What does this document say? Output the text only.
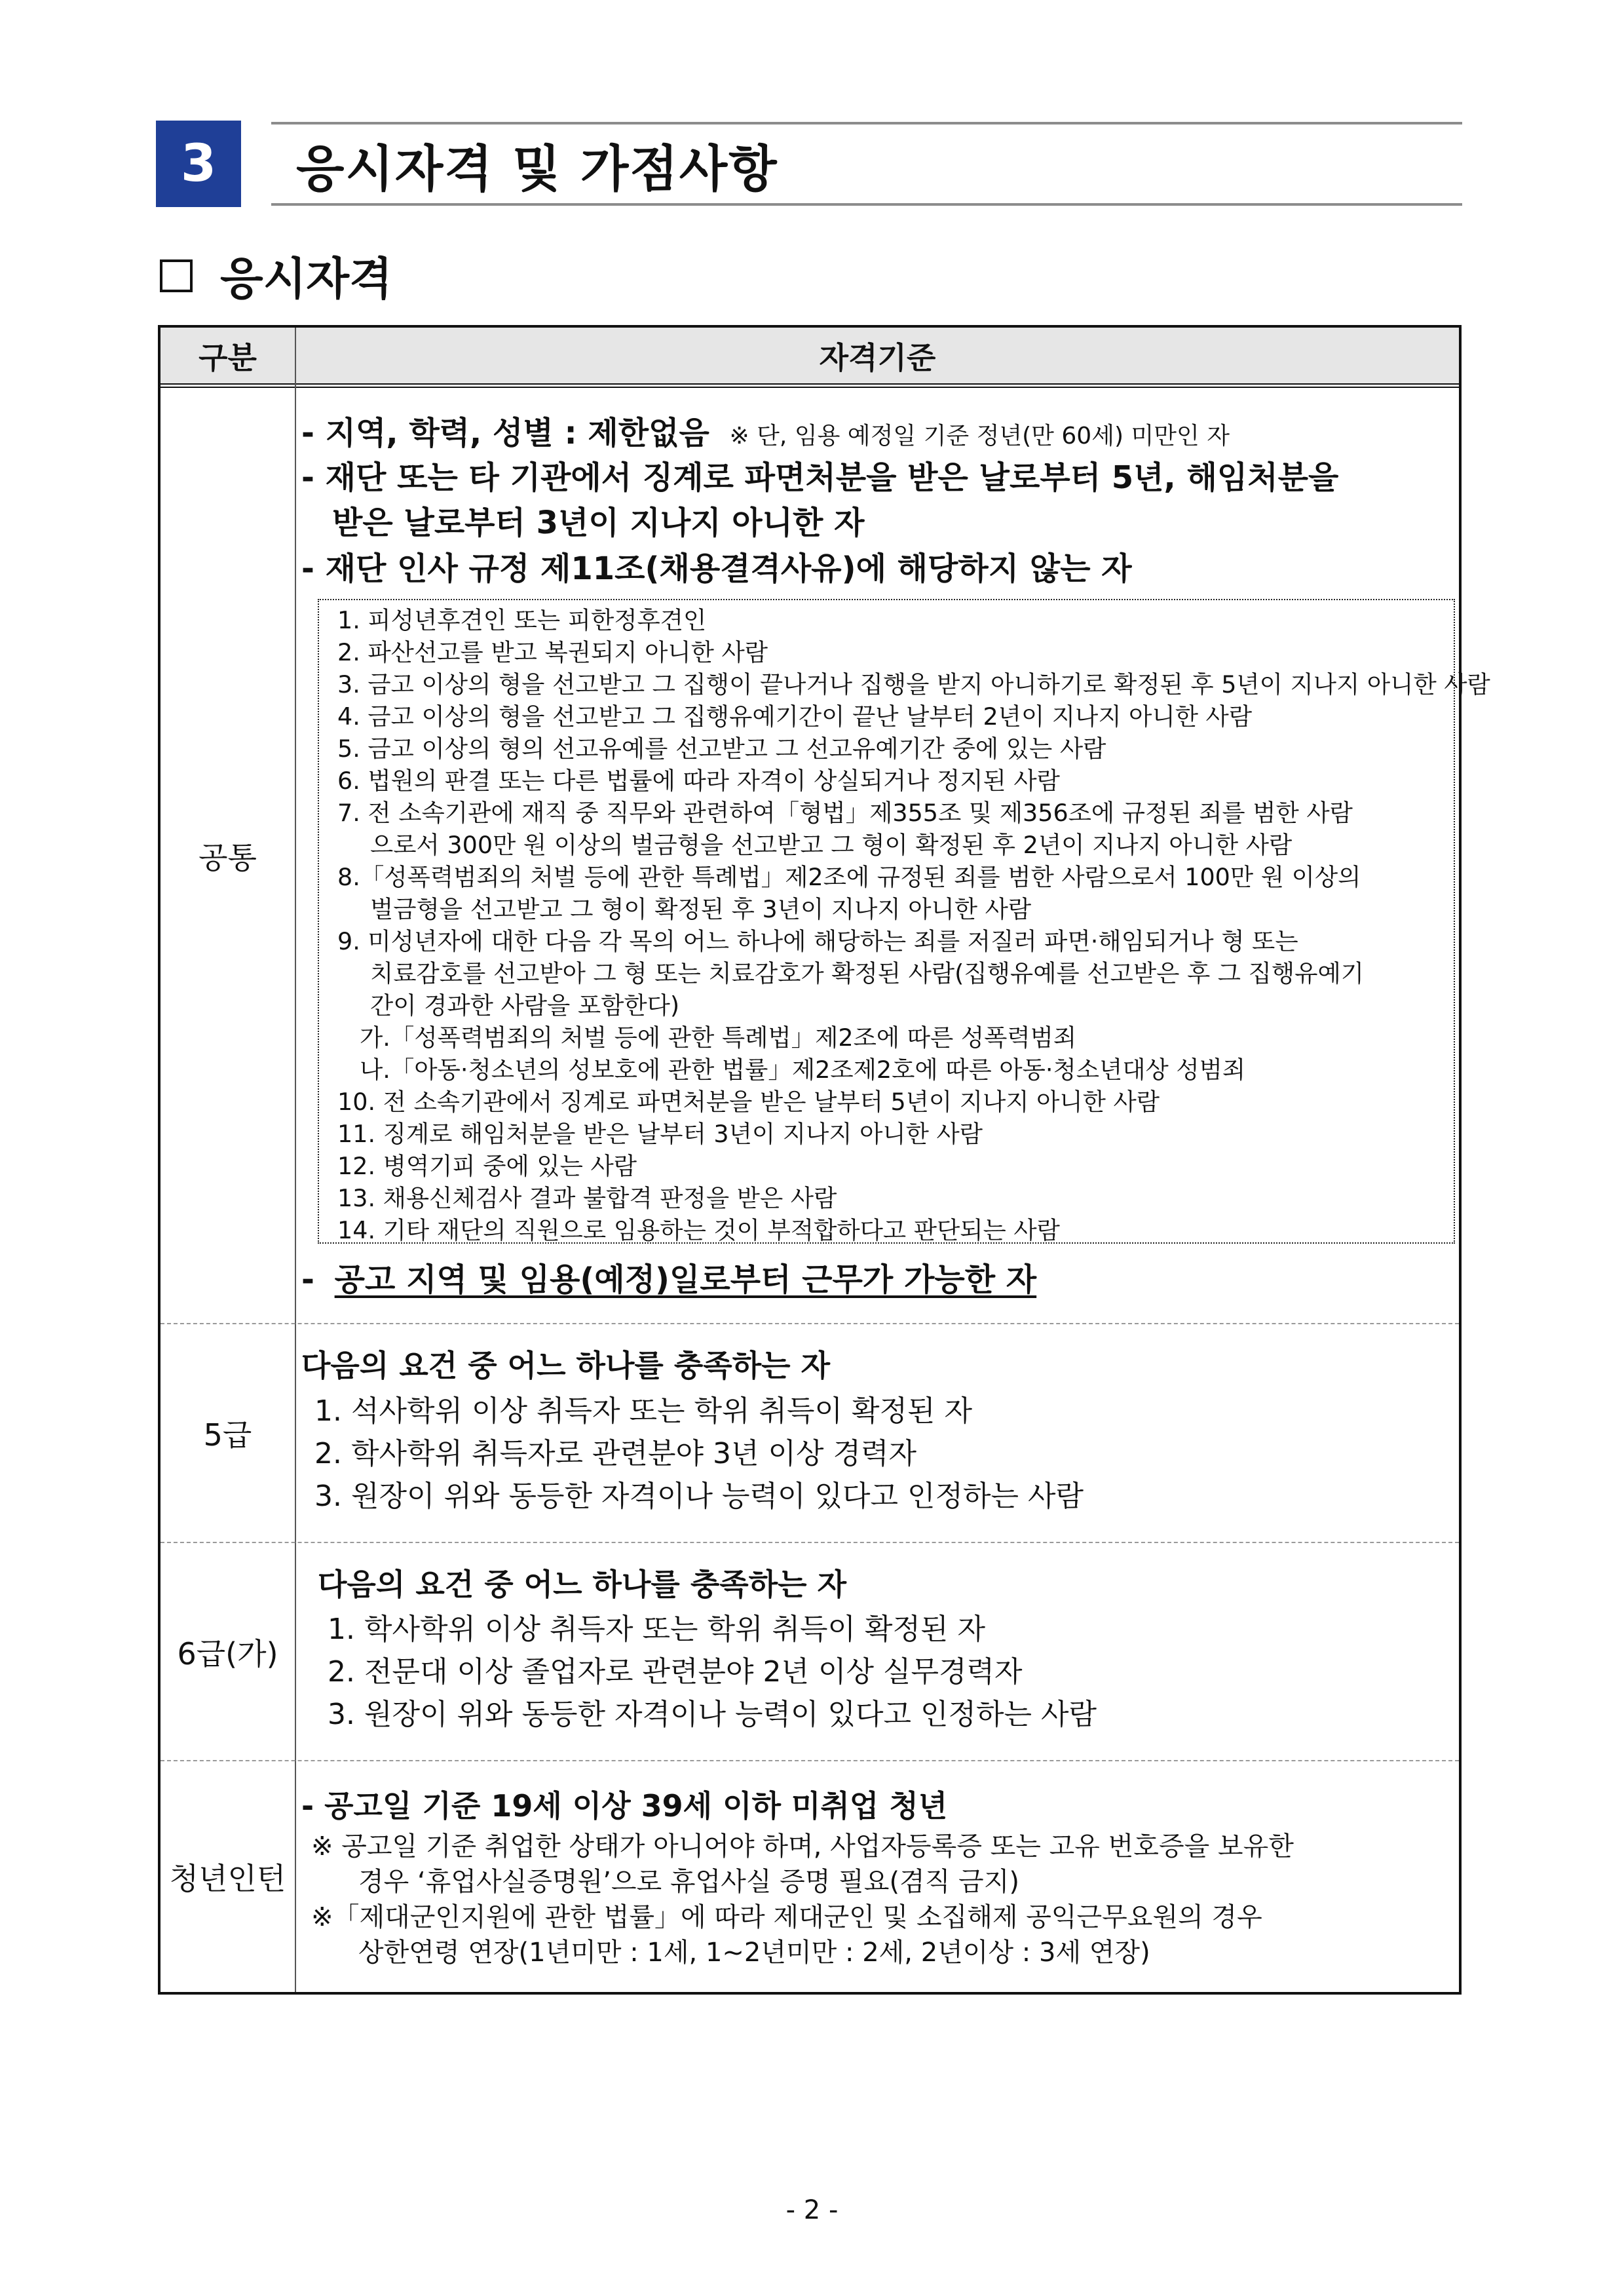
3	응시자격 및 가점사항
응시자격
구분	자격기준
공통
- 지역, 학력, 성별 : 제한없음 ※ 단, 임용 예정일 기준 정년(만 60세) 미만인 자
- 재단 또는 타 기관에서 징계로 파면처분을 받은 날로부터 5년, 해임처분을
받은 날로부터 3년이 지나지 아니한 자
- 재단 인사 규정 제11조(채용결격사유)에 해당하지 않는 자
1. 피성년후견인 또는 피한정후견인
2. 파산선고를 받고 복권되지 아니한 사람
3. 금고 이상의 형을 선고받고 그 집행이 끝나거나 집행을 받지 아니하기로 확정된 후 5년이 지나지 아니한 사람
4. 금고 이상의 형을 선고받고 그 집행유예기간이 끝난 날부터 2년이 지나지 아니한 사람
5. 금고 이상의 형의 선고유예를 선고받고 그 선고유예기간 중에 있는 사람
6. 법원의 판결 또는 다른 법률에 따라 자격이 상실되거나 정지된 사람
7. 전 소속기관에 재직 중 직무와 관련하여「형법」제355조 및 제356조에 규정된 죄를 범한 사람
으로서 300만 원 이상의 벌금형을 선고받고 그 형이 확정된 후 2년이 지나지 아니한 사람
8.「성폭력범죄의 처벌 등에 관한 특례법」제2조에 규정된 죄를 범한 사람으로서 100만 원 이상의
벌금형을 선고받고 그 형이 확정된 후 3년이 지나지 아니한 사람
9. 미성년자에 대한 다음 각 목의 어느 하나에 해당하는 죄를 저질러 파면·해임되거나 형 또는
치료감호를 선고받아 그 형 또는 치료감호가 확정된 사람(집행유예를 선고받은 후 그 집행유예기
간이 경과한 사람을 포함한다)
가.「성폭력범죄의 처벌 등에 관한 특례법」제2조에 따른 성폭력범죄
나.「아동·청소년의 성보호에 관한 법률」제2조제2호에 따른 아동·청소년대상 성범죄
10. 전 소속기관에서 징계로 파면처분을 받은 날부터 5년이 지나지 아니한 사람
11. 징계로 해임처분을 받은 날부터 3년이 지나지 아니한 사람
12. 병역기피 중에 있는 사람
13. 채용신체검사 결과 불합격 판정을 받은 사람
14. 기타 재단의 직원으로 임용하는 것이 부적합하다고 판단되는 사람
- 공고 지역 및 임용(예정)일로부터 근무가 가능한 자
5급
다음의 요건 중 어느 하나를 충족하는 자
1. 석사학위 이상 취득자 또는 학위 취득이 확정된 자
2. 학사학위 취득자로 관련분야 3년 이상 경력자
3. 원장이 위와 동등한 자격이나 능력이 있다고 인정하는 사람
6급(가)
다음의 요건 중 어느 하나를 충족하는 자
1. 학사학위 이상 취득자 또는 학위 취득이 확정된 자
2. 전문대 이상 졸업자로 관련분야 2년 이상 실무경력자
3. 원장이 위와 동등한 자격이나 능력이 있다고 인정하는 사람
청년인턴
- 공고일 기준 19세 이상 39세 이하 미취업 청년
※ 공고일 기준 취업한 상태가 아니어야 하며, 사업자등록증 또는 고유 번호증을 보유한
경우 ‘휴업사실증명원’으로 휴업사실 증명 필요(겸직 금지)
※「제대군인지원에 관한 법률」에 따라 제대군인 및 소집해제 공익근무요원의 경우
상한연령 연장(1년미만 : 1세, 1~2년미만 : 2세, 2년이상 : 3세 연장)
- 2 -
